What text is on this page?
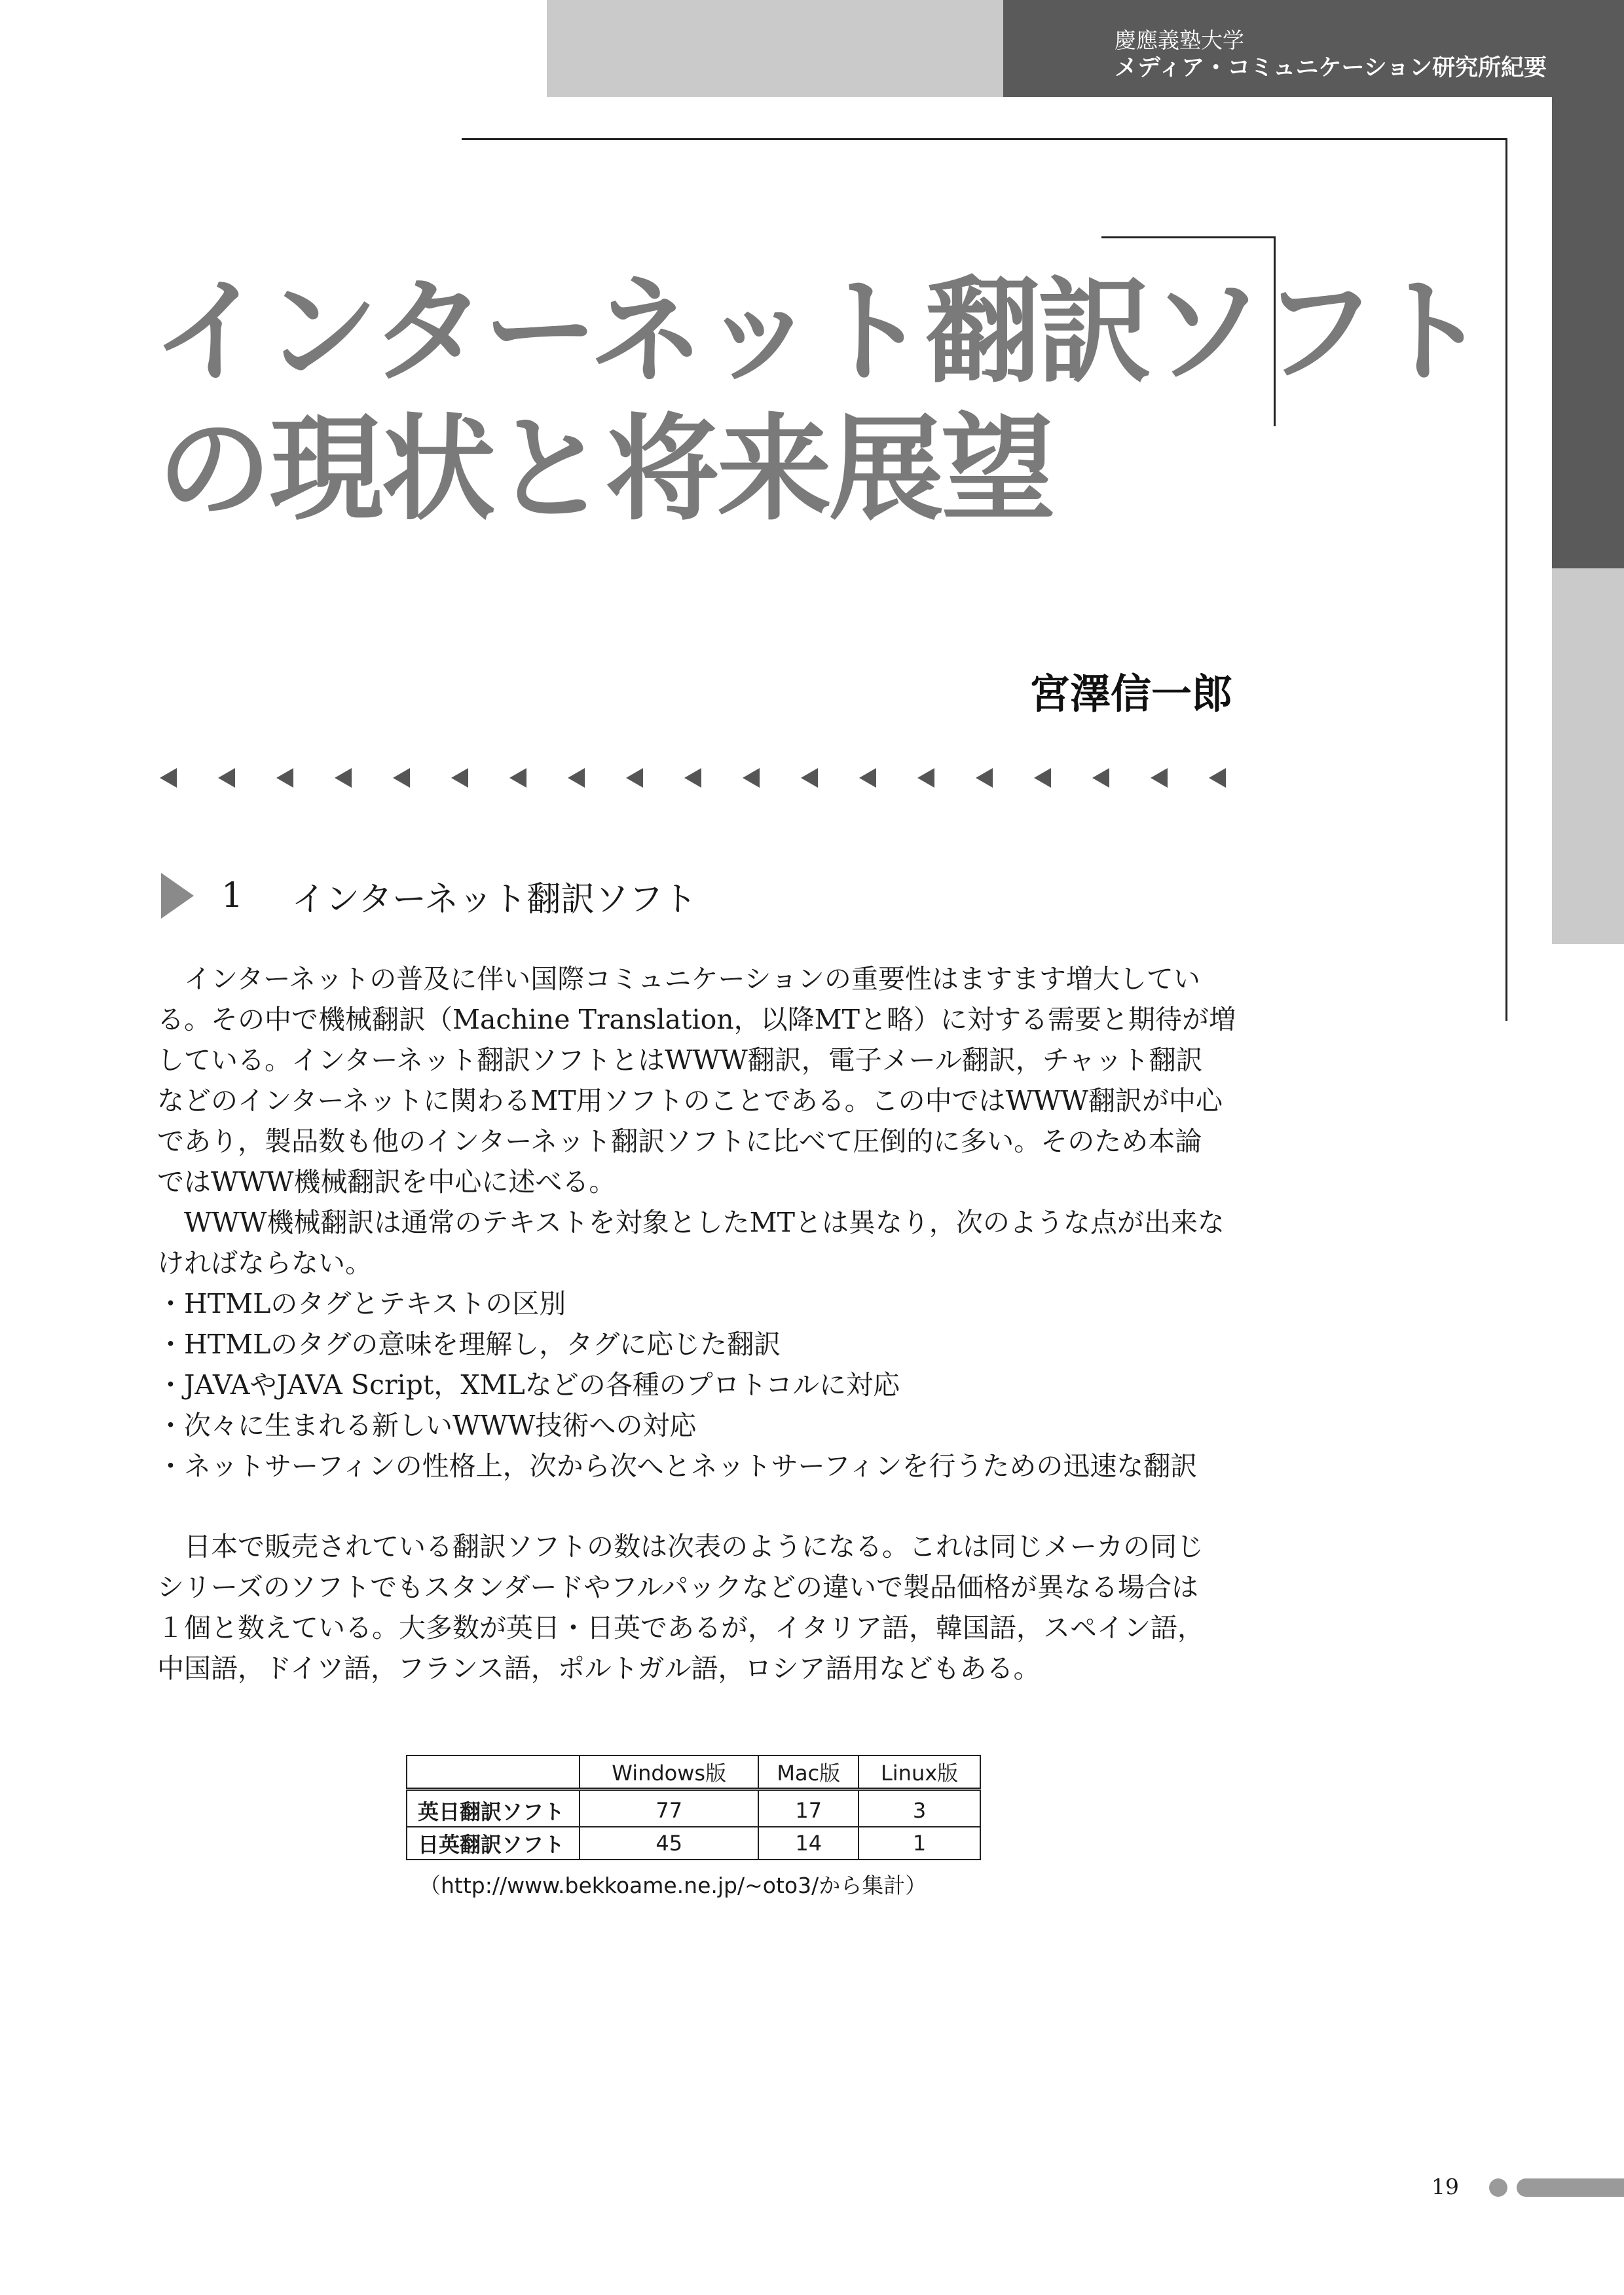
慶應義塾大学
メディア・コミュニケーション研究所紀要
インターネット翻訳ソフト
の現状と将来展望
宮澤信一郎
1 インターネット翻訳ソフト
　インターネットの普及に伴い国際コミュニケーションの重要性はますます増大してい
る。その中で機械翻訳（Machine Translation，以降MTと略）に対する需要と期待が増
している。インターネット翻訳ソフトとはWWW翻訳，電子メール翻訳，チャット翻訳
などのインターネットに関わるMT用ソフトのことである。この中ではWWW翻訳が中心
であり，製品数も他のインターネット翻訳ソフトに比べて圧倒的に多い。そのため本論
ではWWW機械翻訳を中心に述べる。
　WWW機械翻訳は通常のテキストを対象としたMTとは異なり，次のような点が出来な
ければならない。
・HTMLのタグとテキストの区別
・HTMLのタグの意味を理解し，タグに応じた翻訳
・JAVAやJAVA Script，XMLなどの各種のプロトコルに対応
・次々に生まれる新しいWWW技術への対応
・ネットサーフィンの性格上，次から次へとネットサーフィンを行うための迅速な翻訳
　日本で販売されている翻訳ソフトの数は次表のようになる。これは同じメーカの同じ
シリーズのソフトでもスタンダードやフルパックなどの違いで製品価格が異なる場合は
１個と数えている。大多数が英日・日英であるが，イタリア語，韓国語，スペイン語，
中国語，ドイツ語，フランス語，ポルトガル語，ロシア語用などもある。
	Windows版	Mac版	Linux版
英日翻訳ソフト	77	17	3
日英翻訳ソフト	45	14	1
（http://www.bekkoame.ne.jp/~oto3/から集計）
19
